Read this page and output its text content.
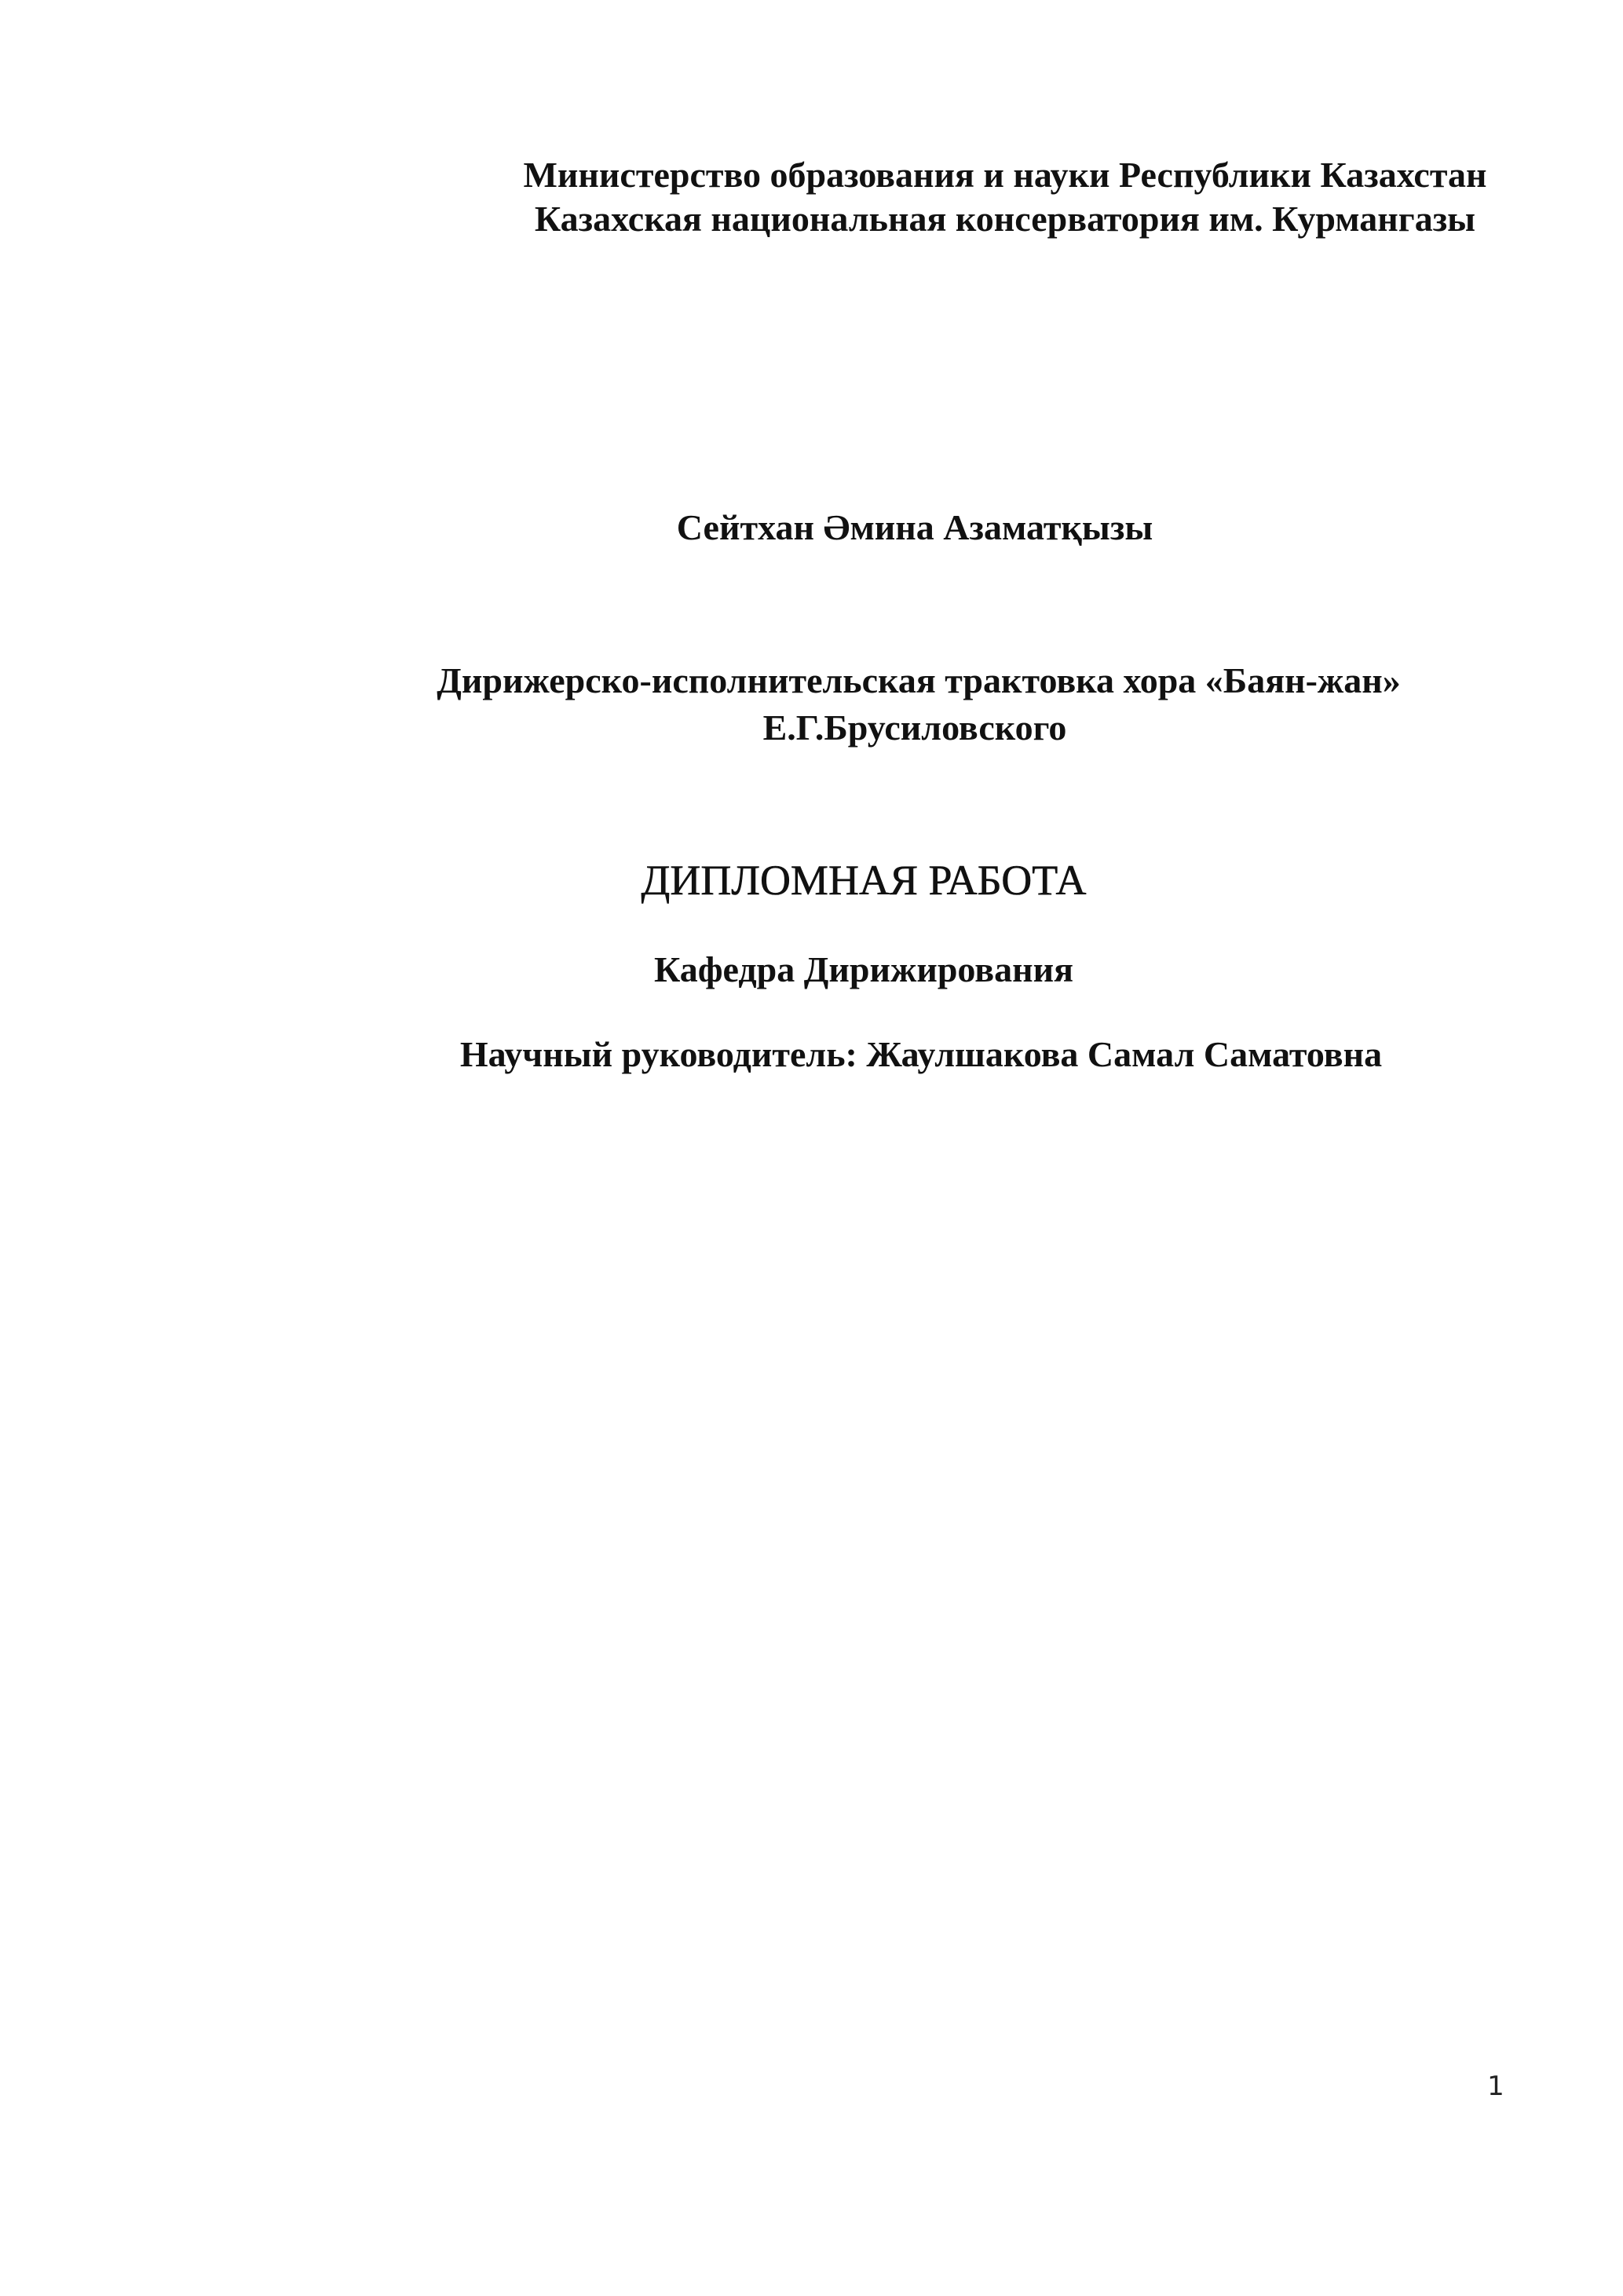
Министерство образования и науки Республики Казахстан
Казахская национальная консерватория им. Курмангазы
Сейтхан Әмина Азаматқызы
Дирижерско-исполнительская трактовка хора «Баян-жан»
Е.Г.Брусиловского
ДИПЛОМНАЯ РАБОТА
Кафедра Дирижирования
Научный руководитель: Жаулшакова Самал Саматовна
1
